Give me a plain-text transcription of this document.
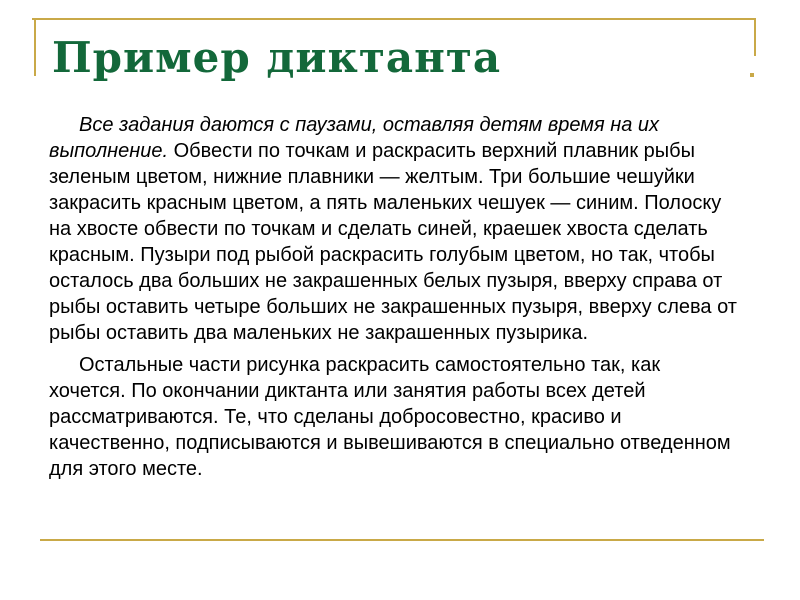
Пример диктанта

Все задания даются с паузами, оставляя детям время на их выполнение. Обвести по точкам и раскрасить верхний плавник рыбы зеленым цветом, нижние плавники — желтым. Три большие чешуйки закрасить красным цветом, а пять маленьких чешуек — синим. Полоску на хвосте обвести по точкам и сделать синей, краешек хвоста сделать красным. Пузыри под рыбой раскрасить голубым цветом, но так, чтобы осталось два больших не закрашенных белых пузыря, вверху справа от рыбы оставить четыре больших не закрашенных пузыря, вверху слева от рыбы оставить два маленьких не закрашенных пузырика.

Остальные части рисунка раскрасить самостоятельно так, как хочется. По окончании диктанта или занятия работы всех детей рассматриваются. Те, что сделаны добросовестно, красиво и качественно, подписываются и вывешиваются в специально отведенном для этого месте.
